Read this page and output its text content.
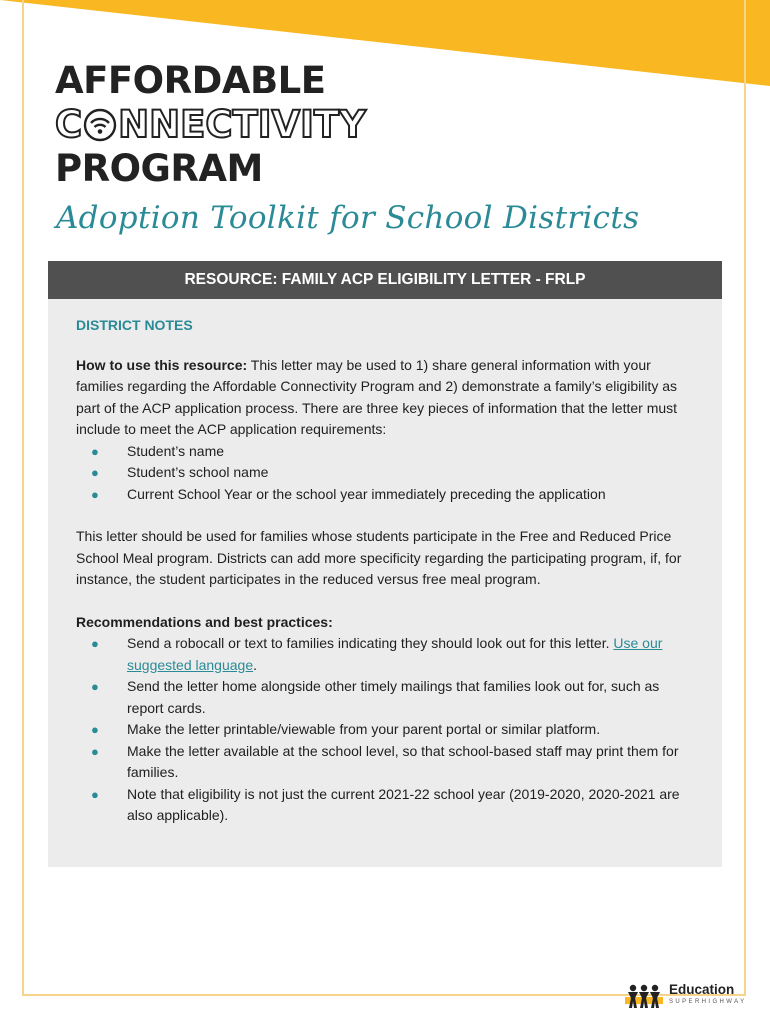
AFFORDABLE
C NNECTIVITY
PROGRAM
Adoption Toolkit for School Districts
RESOURCE: FAMILY ACP ELIGIBILITY LETTER - FRLP
DISTRICT NOTES

How to use this resource: This letter may be used to 1) share general information with your families regarding the Affordable Connectivity Program and 2) demonstrate a family’s eligibility as part of the ACP application process. There are three key pieces of information that the letter must include to meet the ACP application requirements:

● Student’s name
● Student’s school name
● Current School Year or the school year immediately preceding the application

This letter should be used for families whose students participate in the Free and Reduced Price School Meal program. Districts can add more specificity regarding the participating program, if, for instance, the student participates in the reduced versus free meal program.

Recommendations and best practices:

● Send a robocall or text to families indicating they should look out for this letter. Use our suggested language.
● Send the letter home alongside other timely mailings that families look out for, such as report cards.
● Make the letter printable/viewable from your parent portal or similar platform.
● Make the letter available at the school level, so that school-based staff may print them for families.
● Note that eligibility is not just the current 2021-22 school year (2019-2020, 2020-2021 are also applicable).
Education
SUPERHIGHWAY
